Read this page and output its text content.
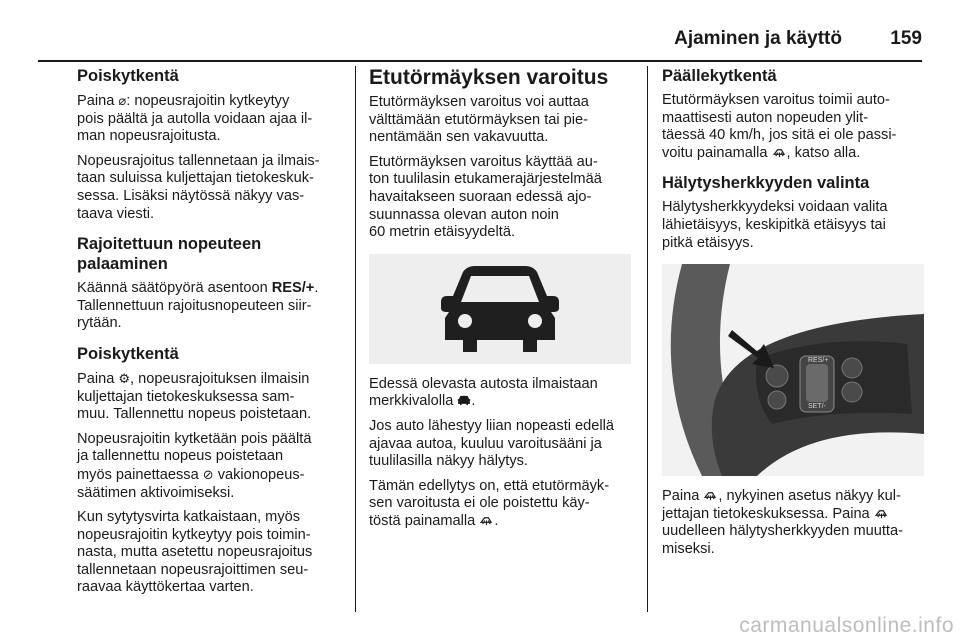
Ajaminen ja käyttö	159
Poiskytkentä

Paina ⌀: nopeusrajoitin kytkeytyy
pois päältä ja autolla voidaan ajaa il-
man nopeusrajoitusta.

Nopeusrajoitus tallennetaan ja ilmais-
taan suluissa kuljettajan tietokeskuk-
sessa. Lisäksi näytössä näkyy vas-
taava viesti.

Rajoitettuun nopeuteen
palaaminen

Käännä säätöpyörä asentoon RES/+.
Tallennettuun rajoitusnopeuteen siir-
rytään.

Poiskytkentä

Paina ⚙, nopeusrajoituksen ilmaisin
kuljettajan tietokeskuksessa sam-
muu. Tallennettu nopeus poistetaan.

Nopeusrajoitin kytketään pois päältä
ja tallennettu nopeus poistetaan
myös painettaessa ⊘ vakionopeus-
säätimen aktivoimiseksi.

Kun sytytysvirta katkaistaan, myös
nopeusrajoitin kytkeytyy pois toimin-
nasta, mutta asetettu nopeusrajoitus
tallennetaan nopeusrajoittimen seu-
raavaa käyttökertaa varten.

Etutörmäyksen varoitus

Etutörmäyksen varoitus voi auttaa
välttämään etutörmäyksen tai pie-
nentämään sen vakavuutta.

Etutörmäyksen varoitus käyttää au-
ton tuulilasin etukamerajärjestelmää
havaitakseen suoraan edessä ajo-
suunnassa olevan auton noin
60 metrin etäisyydeltä.

Edessä olevasta autosta ilmaistaan
merkkivalolla .

Jos auto lähestyy liian nopeasti edellä
ajavaa autoa, kuuluu varoitusääni ja
tuulilasilla näkyy hälytys.

Tämän edellytys on, että etutörmäyk-
sen varoitusta ei ole poistettu käy-
töstä painamalla .

Päällekytkentä

Etutörmäyksen varoitus toimii auto-
maattisesti auton nopeuden ylit-
täessä 40 km/h, jos sitä ei ole passi-
voitu painamalla , katso alla.

Hälytysherkkyyden valinta

Hälytysherkkyydeksi voidaan valita
lähietäisyys, keskipitkä etäisyys tai
pitkä etäisyys.

RES/+
SET/-

Paina , nykyinen asetus näkyy kul-
jettajan tietokeskuksessa. Paina
uudelleen hälytysherkkyyden muutta-
miseksi.

carmanualsonline.info
